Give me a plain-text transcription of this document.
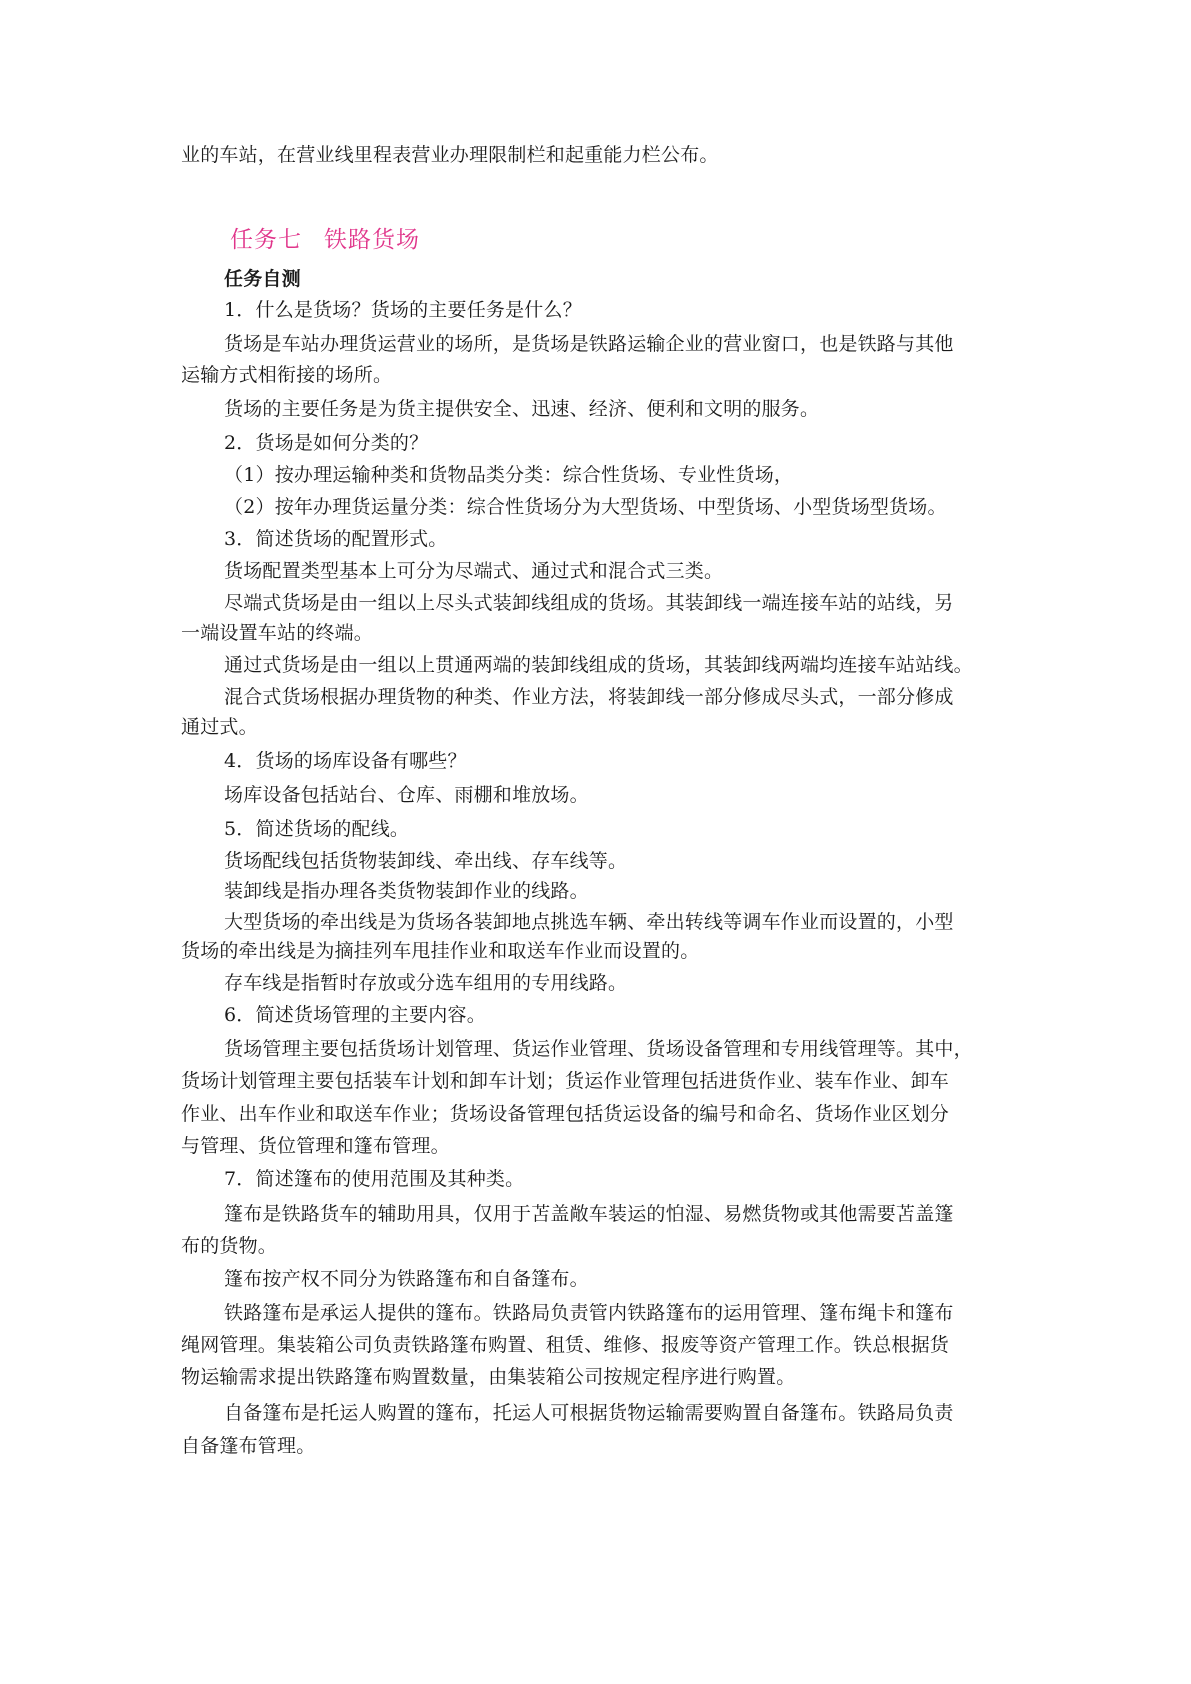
业的车站，在营业线里程表营业办理限制栏和起重能力栏公布。

任务七 铁路货场

任务自测

1．什么是货场？货场的主要任务是什么？

货场是车站办理货运营业的场所，是货场是铁路运输企业的营业窗口，也是铁路与其他

运输方式相衔接的场所。

货场的主要任务是为货主提供安全、迅速、经济、便利和文明的服务。

2．货场是如何分类的？

（1）按办理运输种类和货物品类分类：综合性货场、专业性货场，

（2）按年办理货运量分类：综合性货场分为大型货场、中型货场、小型货场型货场。

3．简述货场的配置形式。

货场配置类型基本上可分为尽端式、通过式和混合式三类。

尽端式货场是由一组以上尽头式装卸线组成的货场。其装卸线一端连接车站的站线，另

一端设置车站的终端。

通过式货场是由一组以上贯通两端的装卸线组成的货场，其装卸线两端均连接车站站线。

混合式货场根据办理货物的种类、作业方法，将装卸线一部分修成尽头式，一部分修成

通过式。

4．货场的场库设备有哪些？

场库设备包括站台、仓库、雨棚和堆放场。

5．简述货场的配线。

货场配线包括货物装卸线、牵出线、存车线等。

装卸线是指办理各类货物装卸作业的线路。

大型货场的牵出线是为货场各装卸地点挑选车辆、牵出转线等调车作业而设置的，小型

货场的牵出线是为摘挂列车甩挂作业和取送车作业而设置的。

存车线是指暂时存放或分选车组用的专用线路。

6．简述货场管理的主要内容。

货场管理主要包括货场计划管理、货运作业管理、货场设备管理和专用线管理等。其中，

货场计划管理主要包括装车计划和卸车计划；货运作业管理包括进货作业、装车作业、卸车

作业、出车作业和取送车作业；货场设备管理包括货运设备的编号和命名、货场作业区划分

与管理、货位管理和篷布管理。

7．简述篷布的使用范围及其种类。

篷布是铁路货车的辅助用具，仅用于苫盖敞车装运的怕湿、易燃货物或其他需要苫盖篷

布的货物。

篷布按产权不同分为铁路篷布和自备篷布。

铁路篷布是承运人提供的篷布。铁路局负责管内铁路篷布的运用管理、篷布绳卡和篷布

绳网管理。集装箱公司负责铁路篷布购置、租赁、维修、报废等资产管理工作。铁总根据货

物运输需求提出铁路篷布购置数量，由集装箱公司按规定程序进行购置。

自备篷布是托运人购置的篷布，托运人可根据货物运输需要购置自备篷布。铁路局负责

自备篷布管理。
